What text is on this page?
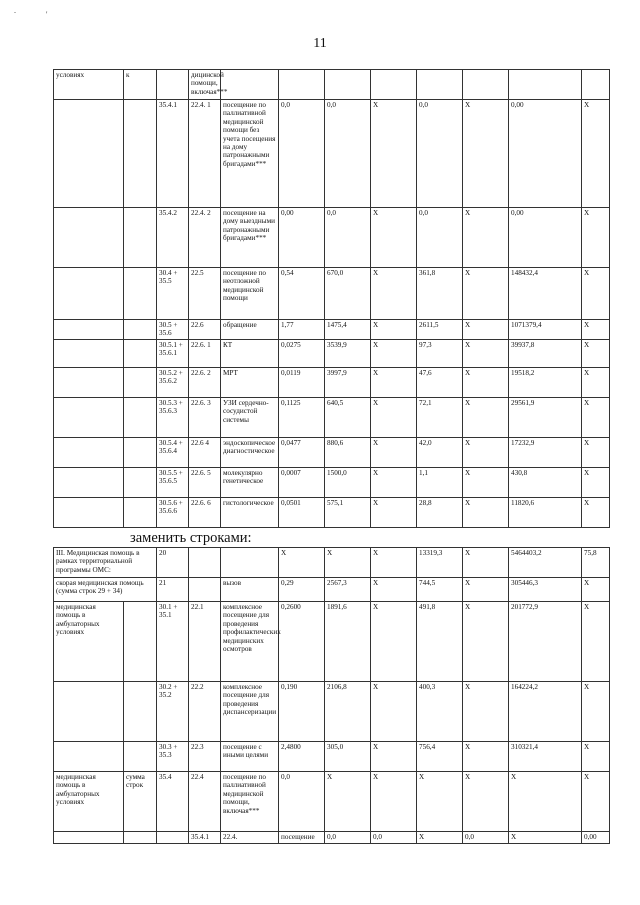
11
.	'
условиях	к		дицинской помощи, включая***								
		35.4.1	22.4. 1	посещение по паллиативной медицинской помощи без учета посещения на дому патронажными бригадами***	0,0	0,0	Х	0,0	Х	0,00	Х
		35.4.2	22.4. 2	посещение на дому выездными патронажными бригадами***	0,00	0,0	Х	0,0	Х	0,00	Х
		30.4 + 35.5	22.5	посещение по неотложной медицинской помощи	0,54	670,0	Х	361,8	Х	148432,4	Х
		30.5 + 35.6	22.6	обращение	1,77	1475,4	Х	2611,5	Х	1071379,4	Х
		30.5.1 + 35.6.1	22.6. 1	КТ	0,0275	3539,9	Х	97,3	Х	39937,8	Х
		30.5.2 + 35.6.2	22.6. 2	МРТ	0,0119	3997,9	Х	47,6	Х	19518,2	Х
		30.5.3 + 35.6.3	22.6. 3	УЗИ сердечно-сосудистой системы	0,1125	640,5	Х	72,1	Х	29561,9	Х
		30.5.4 + 35.6.4	22.6 4	эндоскопическое диагностическое	0,0477	880,6	Х	42,0	Х	17232,9	Х
		30.5.5 + 35.6.5	22.6. 5	молекулярно генетическое	0,0007	1500,0	Х	1,1	Х	430,8	Х
		30.5.6 + 35.6.6	22.6. 6	гистологическое	0,0501	575,1	Х	28,8	Х	11820,6	Х
заменить строками:
III. Медицинская помощь в рамках территориальной программы ОМС:		20			Х	Х	Х	13319,3	Х	5464403,2	75,8
скорая медицинская помощь (сумма строк 29 + 34)		21		вызов	0,29	2567,3	Х	744,5	Х	305446,3	Х
медицинская помощь в амбулаторных условиях		30.1 + 35.1	22.1	комплексное посещение для проведения профилактических медицинских осмотров	0,2600	1891,6	Х	491,8	Х	201772,9	Х
		30.2 + 35.2	22.2	комплексное посещение для проведения диспансеризации	0,190	2106,8	Х	400,3	Х	164224,2	Х
		30.3 + 35.3	22.3	посещение с иными целями	2,4800	305,0	Х	756,4	Х	310321,4	Х
медицинская помощь в амбулаторных условиях	сумма строк	35.4	22.4	посещение по паллиативной медицинской помощи, включая***	0,0	Х	Х	Х	Х	Х	Х
			35.4.1	22.4.	посещение	0,0	0,0	Х	0,0	Х	0,00
